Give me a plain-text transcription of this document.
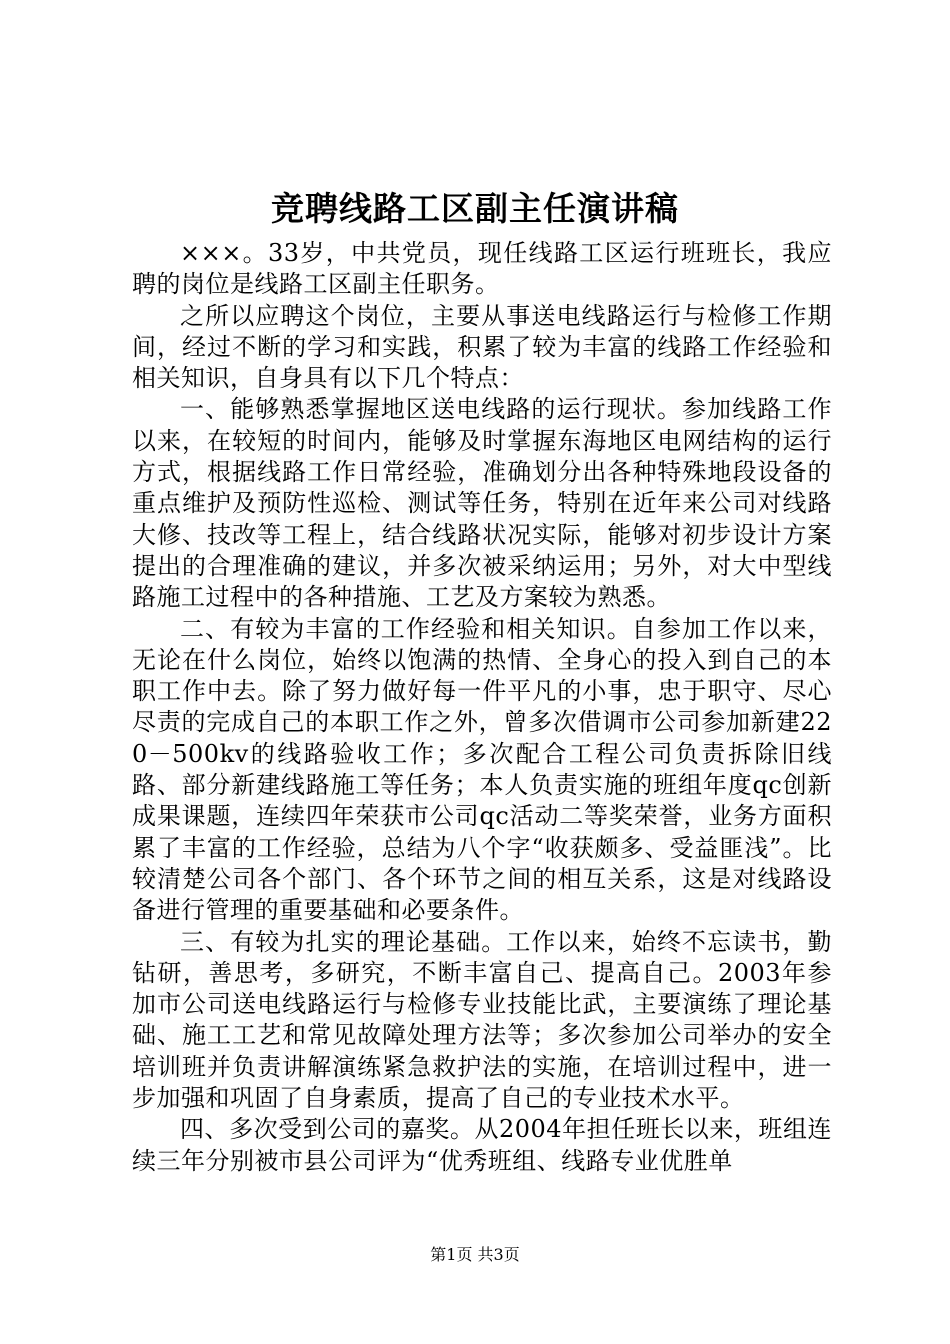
竞聘线路工区副主任演讲稿

×××。33岁，中共党员，现任线路工区运行班班长，我应聘的岗位是线路工区副主任职务。

之所以应聘这个岗位，主要从事送电线路运行与检修工作期间，经过不断的学习和实践，积累了较为丰富的线路工作经验和相关知识，自身具有以下几个特点：

一、能够熟悉掌握地区送电线路的运行现状。参加线路工作以来，在较短的时间内，能够及时掌握东海地区电网结构的运行方式，根据线路工作日常经验，准确划分出各种特殊地段设备的重点维护及预防性巡检、测试等任务，特别在近年来公司对线路大修、技改等工程上，结合线路状况实际，能够对初步设计方案提出的合理准确的建议，并多次被采纳运用；另外，对大中型线路施工过程中的各种措施、工艺及方案较为熟悉。

二、有较为丰富的工作经验和相关知识。自参加工作以来，无论在什么岗位，始终以饱满的热情、全身心的投入到自己的本职工作中去。除了努力做好每一件平凡的小事，忠于职守、尽心尽责的完成自己的本职工作之外，曾多次借调市公司参加新建220－500kv的线路验收工作；多次配合工程公司负责拆除旧线路、部分新建线路施工等任务；本人负责实施的班组年度qc创新成果课题，连续四年荣获市公司qc活动二等奖荣誉，业务方面积累了丰富的工作经验，总结为八个字“收获颇多、受益匪浅”。比较清楚公司各个部门、各个环节之间的相互关系，这是对线路设备进行管理的重要基础和必要条件。

三、有较为扎实的理论基础。工作以来，始终不忘读书，勤钻研，善思考，多研究，不断丰富自己、提高自己。2003年参加市公司送电线路运行与检修专业技能比武，主要演练了理论基础、施工工艺和常见故障处理方法等；多次参加公司举办的安全培训班并负责讲解演练紧急救护法的实施，在培训过程中，进一步加强和巩固了自身素质，提高了自己的专业技术水平。

四、多次受到公司的嘉奖。从2004年担任班长以来，班组连续三年分别被市县公司评为“优秀班组、线路专业优胜单

第1页 共3页
